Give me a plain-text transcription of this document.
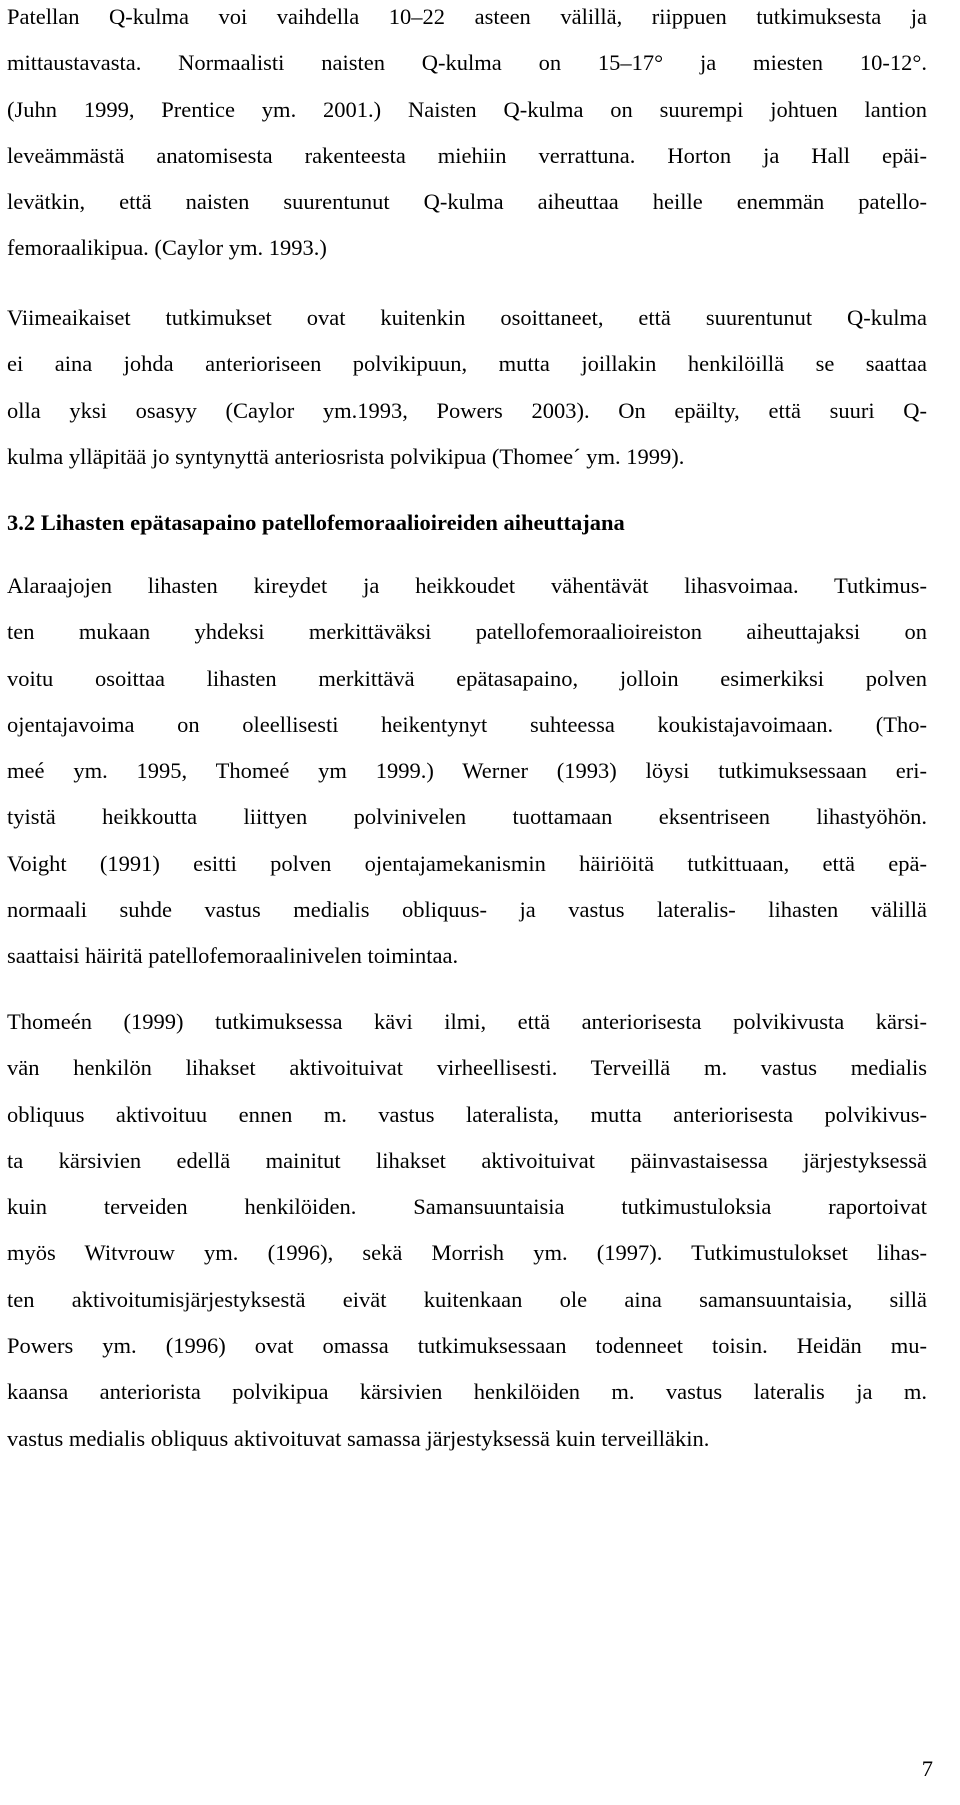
Patellan Q-kulma voi vaihdella 10–22 asteen välillä, riippuen tutkimuksesta ja
mittaustavasta. Normaalisti naisten Q-kulma on 15–17° ja miesten 10-12°.
(Juhn 1999, Prentice ym. 2001.) Naisten Q-kulma on suurempi johtuen lantion
leveämmästä anatomisesta rakenteesta miehiin verrattuna. Horton ja Hall epäi-
levätkin, että naisten suurentunut Q-kulma aiheuttaa heille enemmän patello-
femoraalikipua. (Caylor ym. 1993.)
Viimeaikaiset tutkimukset ovat kuitenkin osoittaneet, että suurentunut Q-kulma
ei aina johda anterioriseen polvikipuun, mutta joillakin henkilöillä se saattaa
olla yksi osasyy (Caylor ym.1993, Powers 2003). On epäilty, että suuri Q-
kulma ylläpitää jo syntynyttä anteriosrista polvikipua (Thomee´ ym. 1999).
3.2 Lihasten epätasapaino patellofemoraalioireiden aiheuttajana
Alaraajojen lihasten kireydet ja heikkoudet vähentävät lihasvoimaa. Tutkimus-
ten mukaan yhdeksi merkittäväksi patellofemoraalioireiston aiheuttajaksi on
voitu osoittaa lihasten merkittävä epätasapaino, jolloin esimerkiksi polven
ojentajavoima on oleellisesti heikentynyt suhteessa koukistajavoimaan. (Tho-
meé ym. 1995, Thomeé ym 1999.) Werner (1993) löysi tutkimuksessaan eri-
tyistä heikkoutta liittyen polvinivelen tuottamaan eksentriseen lihastyöhön.
Voight (1991) esitti polven ojentajamekanismin häiriöitä tutkittuaan, että epä-
normaali suhde vastus medialis obliquus- ja vastus lateralis- lihasten välillä
saattaisi häiritä patellofemoraalinivelen toimintaa.
Thomeén (1999) tutkimuksessa kävi ilmi, että anteriorisesta polvikivusta kärsi-
vän henkilön lihakset aktivoituivat virheellisesti. Terveillä m. vastus medialis
obliquus aktivoituu ennen m. vastus lateralista, mutta anteriorisesta polvikivus-
ta kärsivien edellä mainitut lihakset aktivoituivat päinvastaisessa järjestyksessä
kuin terveiden henkilöiden. Samansuuntaisia tutkimustuloksia raportoivat
myös Witvrouw ym. (1996), sekä Morrish ym. (1997). Tutkimustulokset lihas-
ten aktivoitumisjärjestyksestä eivät kuitenkaan ole aina samansuuntaisia, sillä
Powers ym. (1996) ovat omassa tutkimuksessaan todenneet toisin. Heidän mu-
kaansa anteriorista polvikipua kärsivien henkilöiden m. vastus lateralis ja m.
vastus medialis obliquus aktivoituvat samassa järjestyksessä kuin terveilläkin.
7
